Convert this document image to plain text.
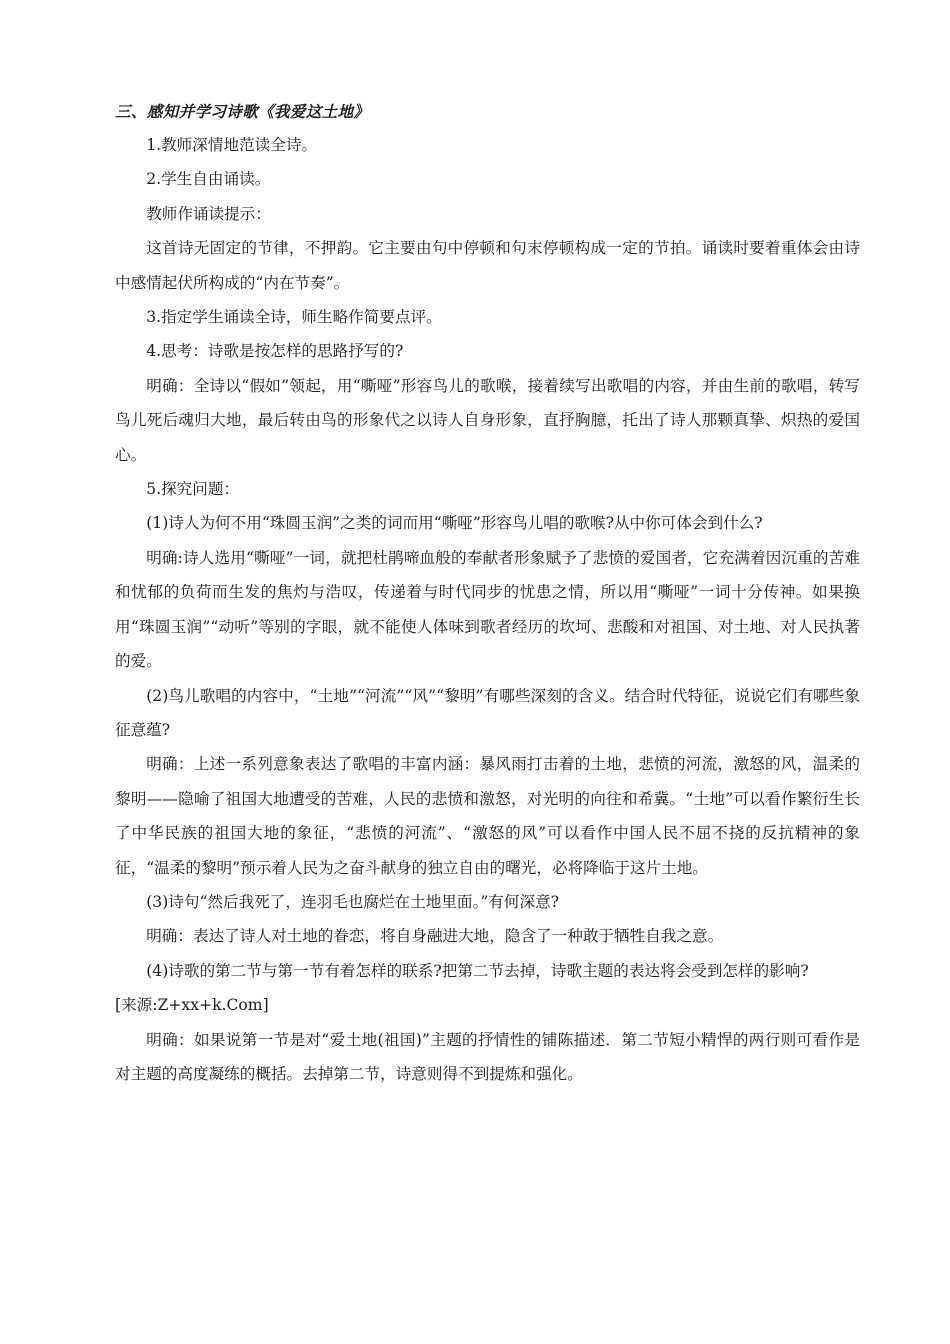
三、感知并学习诗歌《我爱这土地》

1.教师深情地范读全诗。

2.学生自由诵读。

教师作诵读提示：

这首诗无固定的节律，不押韵。它主要由句中停顿和句末停顿构成一定的节拍。诵读时要着重体会由诗中感情起伏所构成的“内在节奏”。

3.指定学生诵读全诗，师生略作简要点评。

4.思考：诗歌是按怎样的思路抒写的?

明确：全诗以“假如”领起，用“嘶哑”形容鸟儿的歌喉，接着续写出歌唱的内容，并由生前的歌唱，转写鸟儿死后魂归大地，最后转由鸟的形象代之以诗人自身形象，直抒胸臆，托出了诗人那颗真挚、炽热的爱国心。

5.探究问题：

(1)诗人为何不用“珠圆玉润”之类的词而用“嘶哑”形容鸟儿唱的歌喉?从中你可体会到什么?

明确:诗人选用“嘶哑”一词，就把杜鹃啼血般的奉献者形象赋予了悲愤的爱国者，它充满着因沉重的苦难和忧郁的负荷而生发的焦灼与浩叹，传递着与时代同步的忧患之情，所以用“嘶哑”一词十分传神。如果换用“珠圆玉润”“动听”等别的字眼，就不能使人体味到歌者经历的坎坷、悲酸和对祖国、对土地、对人民执著的爱。

(2)鸟儿歌唱的内容中，“土地”“河流”“风”“黎明”有哪些深刻的含义。结合时代特征，说说它们有哪些象征意蕴?

明确：上述一系列意象表达了歌唱的丰富内涵：暴风雨打击着的土地，悲愤的河流，激怒的风，温柔的黎明——隐喻了祖国大地遭受的苦难，人民的悲愤和激怒，对光明的向往和希冀。“土地”可以看作繁衍生长了中华民族的祖国大地的象征，“悲愤的河流”、“激怒的风”可以看作中国人民不屈不挠的反抗精神的象征，“温柔的黎明”预示着人民为之奋斗献身的独立自由的曙光，必将降临于这片土地。

(3)诗句“然后我死了，连羽毛也腐烂在土地里面。”有何深意?

明确：表达了诗人对土地的眷恋，将自身融进大地，隐含了一种敢于牺牲自我之意。

(4)诗歌的第二节与第一节有着怎样的联系?把第二节去掉，诗歌主题的表达将会受到怎样的影响?

[来源:Z+xx+k.Com]

明确：如果说第一节是对“爱土地(祖国)”主题的抒情性的铺陈描述．第二节短小精悍的两行则可看作是对主题的高度凝练的概括。去掉第二节，诗意则得不到提炼和强化。
